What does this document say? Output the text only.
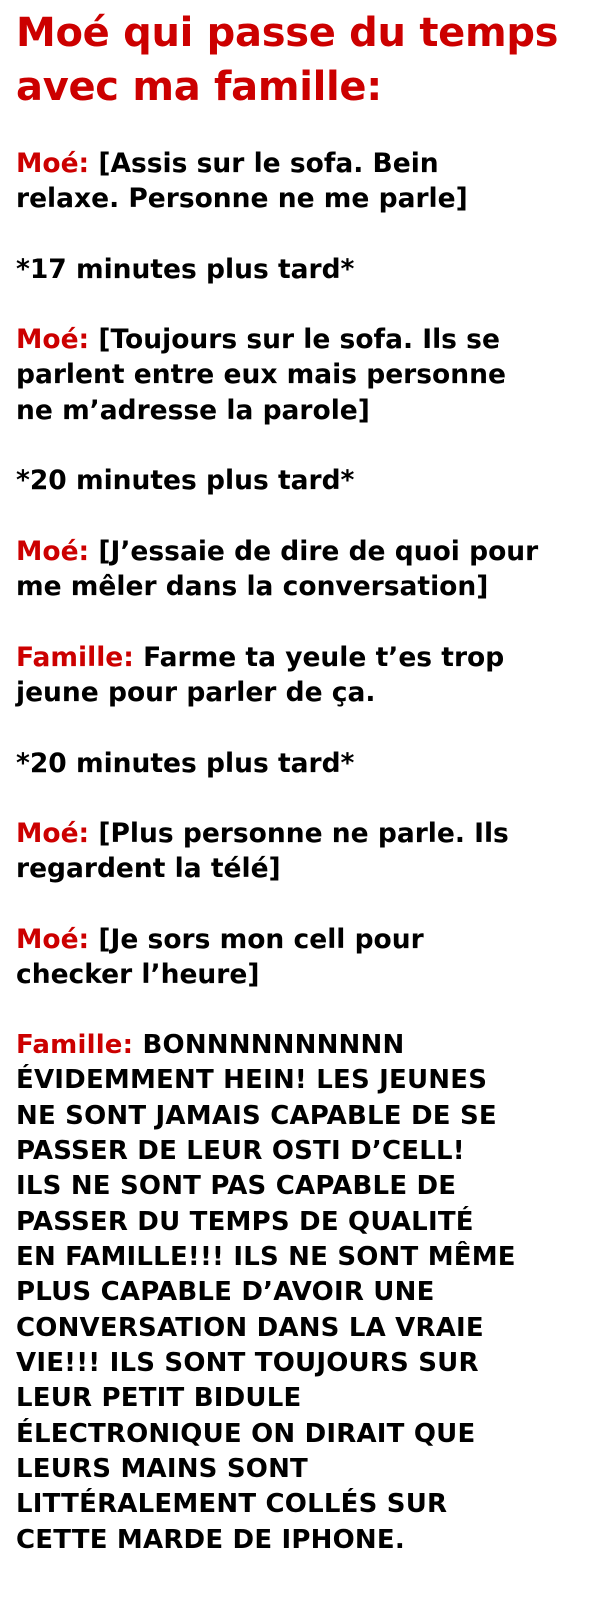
Moé qui passe du temps
avec ma famille:

Moé: [Assis sur le sofa. Bein

relaxe. Personne ne me parle]

*17 minutes plus tard*

Moé: [Toujours sur le sofa. Ils se

parlent entre eux mais personne

ne m’adresse la parole]

*20 minutes plus tard*

Moé: [J’essaie de dire de quoi pour

me mêler dans la conversation]

Famille: Farme ta yeule t’es trop

jeune pour parler de ça.

*20 minutes plus tard*

Moé: [Plus personne ne parle. Ils

regardent la télé]

Moé: [Je sors mon cell pour

checker l’heure]

Famille: BONNNNNNNNNN

ÉVIDEMMENT HEIN! LES JEUNES

NE SONT JAMAIS CAPABLE DE SE

PASSER DE LEUR OSTI D’CELL!

ILS NE SONT PAS CAPABLE DE

PASSER DU TEMPS DE QUALITÉ

EN FAMILLE!!! ILS NE SONT MÊME

PLUS CAPABLE D’AVOIR UNE

CONVERSATION DANS LA VRAIE

VIE!!! ILS SONT TOUJOURS SUR

LEUR PETIT BIDULE

ÉLECTRONIQUE ON DIRAIT QUE

LEURS MAINS SONT

LITTÉRALEMENT COLLÉS SUR

CETTE MARDE DE IPHONE.
